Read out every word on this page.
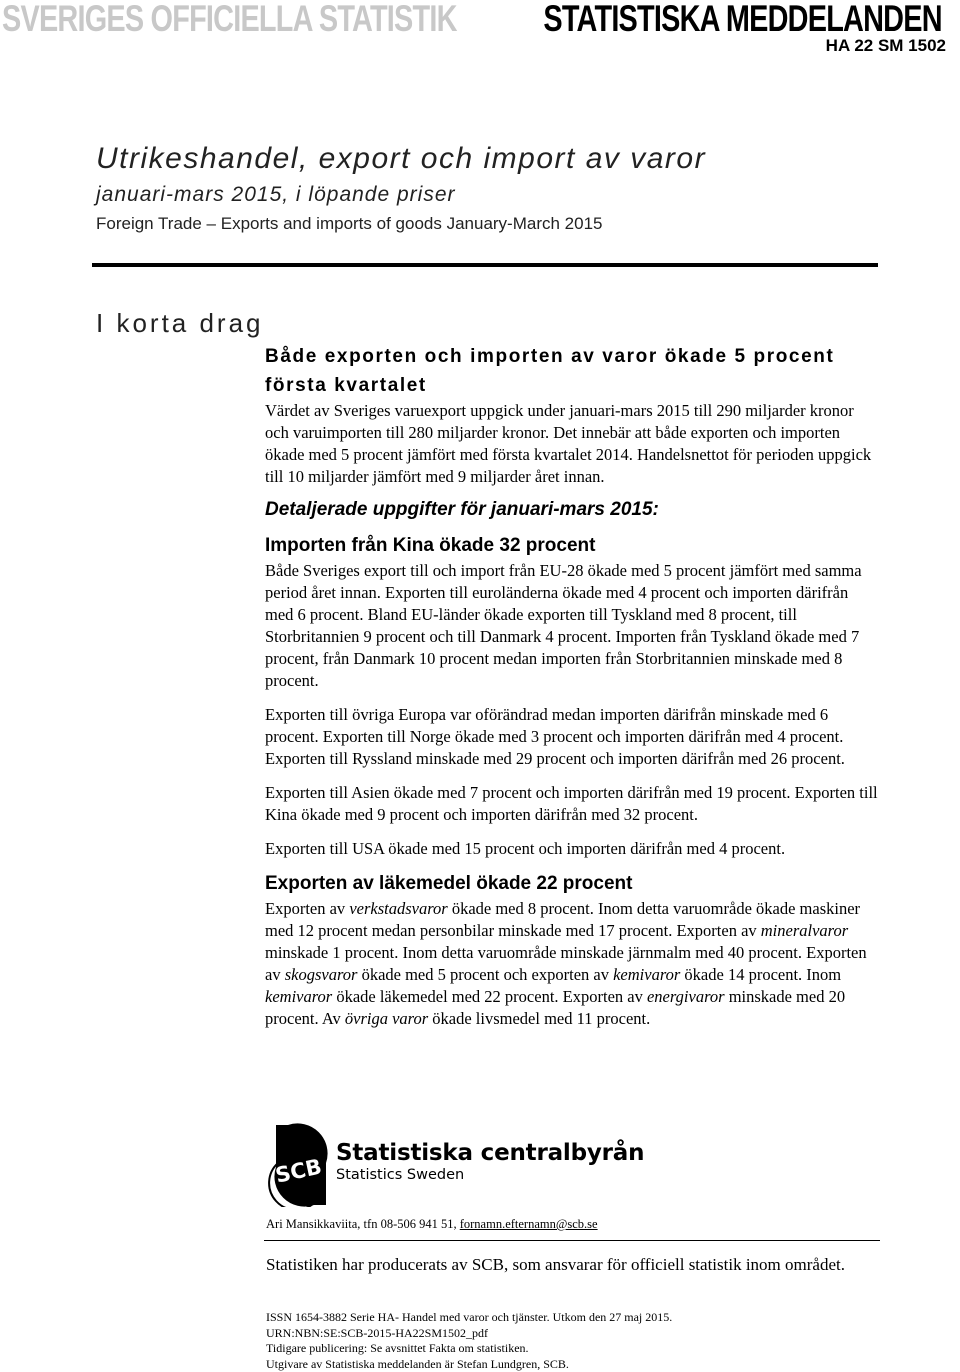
SVERIGES OFFICIELLA STATISTIK STATISTISKA MEDDELANDEN
HA 22 SM 1502
Utrikeshandel, export och import av varor
januari-mars 2015, i löpande priser
Foreign Trade – Exports and imports of goods January-March 2015
I korta drag
Både exporten och importen av varor ökade 5 procent första kvartalet

Värdet av Sveriges varuexport uppgick under januari-mars 2015 till 290 miljarder kronor och varuimporten till 280 miljarder kronor. Det innebär att både exporten och importen ökade med 5 procent jämfört med första kvartalet 2014. Handelsnettot för perioden uppgick till 10 miljarder jämfört med 9 miljarder året innan.

Detaljerade uppgifter för januari-mars 2015:
Importen från Kina ökade 32 procent

Både Sveriges export till och import från EU-28 ökade med 5 procent jämfört med samma period året innan. Exporten till euroländerna ökade med 4 procent och importen därifrån med 6 procent. Bland EU-länder ökade exporten till Tyskland med 8 procent, till Storbritannien 9 procent och till Danmark 4 procent. Importen från Tyskland ökade med 7 procent, från Danmark 10 procent medan importen från Storbritannien minskade med 8 procent.

Exporten till övriga Europa var oförändrad medan importen därifrån minskade med 6 procent. Exporten till Norge ökade med 3 procent och importen därifrån med 4 procent. Exporten till Ryssland minskade med 29 procent och importen därifrån med 26 procent.

Exporten till Asien ökade med 7 procent och importen därifrån med 19 procent. Exporten till Kina ökade med 9 procent och importen därifrån med 32 procent.

Exporten till USA ökade med 15 procent och importen därifrån med 4 procent.

Exporten av läkemedel ökade 22 procent

Exporten av verkstadsvaror ökade med 8 procent. Inom detta varuområde ökade maskiner med 12 procent medan personbilar minskade med 17 procent. Exporten av mineralvaror minskade 1 procent. Inom detta varuområde minskade järnmalm med 40 procent. Exporten av skogsvaror ökade med 5 procent och exporten av kemivaror ökade 14 procent. Inom kemivaror ökade läkemedel med 22 procent. Exporten av energivaror minskade med 20 procent. Av övriga varor ökade livsmedel med 11 procent.

SCB
Statistiska centralbyrån
Statistics Sweden
Ari Mansikkaviita, tfn 08-506 941 51, fornamn.efternamn@scb.se
Statistiken har producerats av SCB, som ansvarar för officiell statistik inom området.
ISSN 1654-3882 Serie HA- Handel med varor och tjänster. Utkom den 27 maj 2015.
URN:NBN:SE:SCB-2015-HA22SM1502_pdf
Tidigare publicering: Se avsnittet Fakta om statistiken.
Utgivare av Statistiska meddelanden är Stefan Lundgren, SCB.
